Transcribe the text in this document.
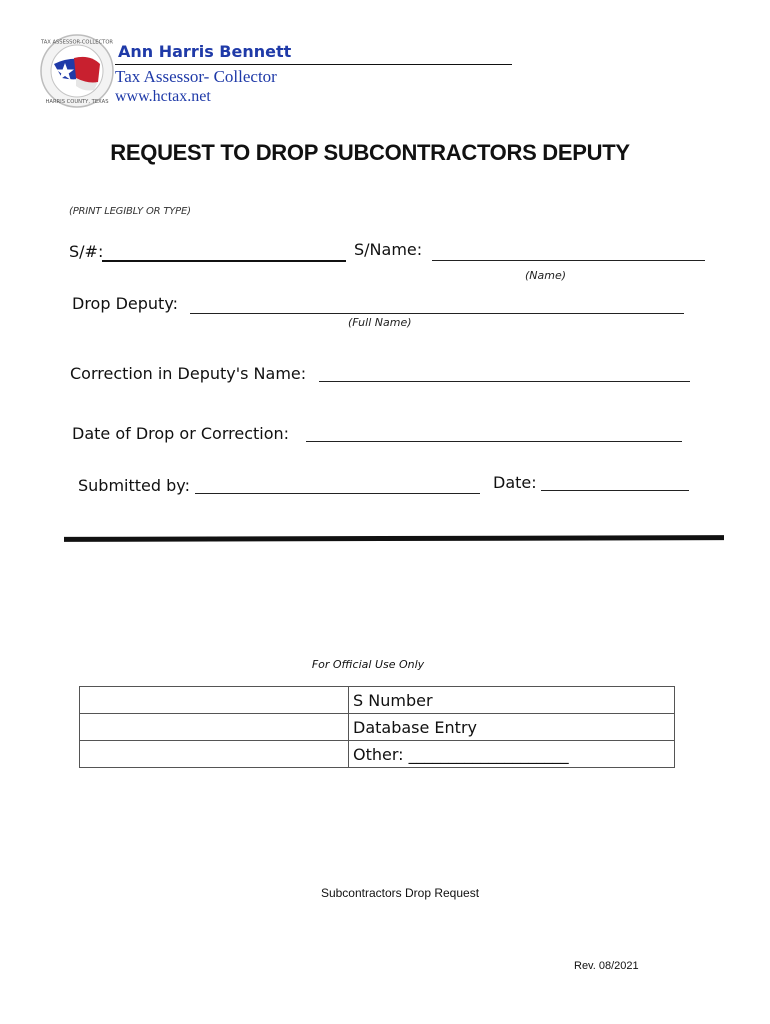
TAX ASSESSOR-COLLECTOR
HARRIS COUNTY, TEXAS
Ann Harris Bennett
Tax Assessor- Collector
www.hctax.net
REQUEST TO DROP SUBCONTRACTORS DEPUTY
(PRINT LEGIBLY OR TYPE)
S/#:	S/Name:
(Name)
Drop Deputy:
(Full Name)
Correction in Deputy's Name:
Date of Drop or Correction:
Submitted by:	Date:
For Official Use Only
	S Number
	Database Entry
	Other: ____________________
Subcontractors Drop Request
Rev. 08/2021
